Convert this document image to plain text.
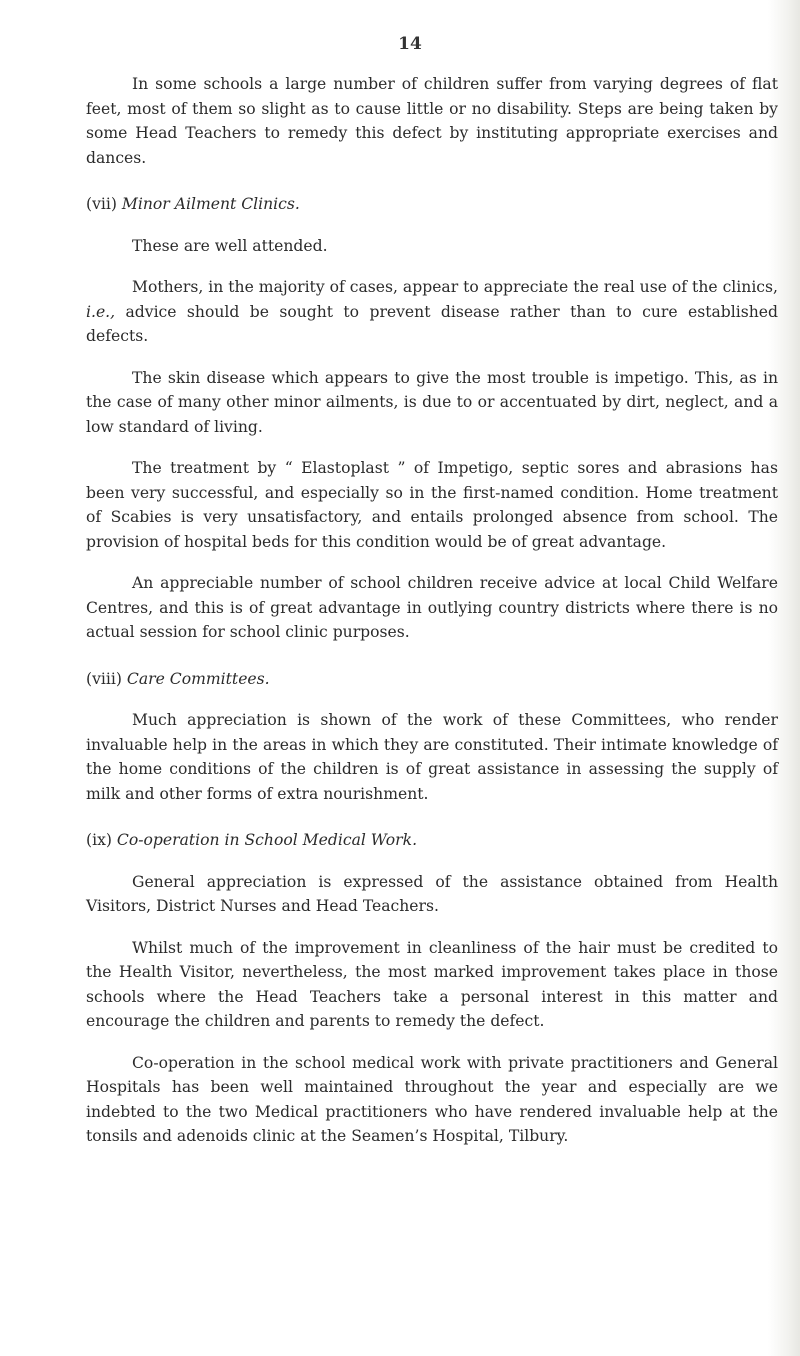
14

In some schools a large number of children suffer from varying degrees of flat feet, most of them so slight as to cause little or no disability. Steps are being taken by some Head Teachers to remedy this defect by instituting appropriate exercises and dances.

(vii) Minor Ailment Clinics.

These are well attended.

Mothers, in the majority of cases, appear to appreciate the real use of the clinics, i.e., advice should be sought to prevent disease rather than to cure established defects.

The skin disease which appears to give the most trouble is impetigo. This, as in the case of many other minor ailments, is due to or accentuated by dirt, neglect, and a low standard of living.

The treatment by “ Elastoplast ” of Impetigo, septic sores and abrasions has been very successful, and especially so in the first-named condition. Home treatment of Scabies is very unsatisfactory, and entails prolonged absence from school. The provision of hospital beds for this condition would be of great advantage.

An appreciable number of school children receive advice at local Child Welfare Centres, and this is of great advantage in outlying country districts where there is no actual session for school clinic purposes.

(viii) Care Committees.

Much appreciation is shown of the work of these Committees, who render invaluable help in the areas in which they are constituted. Their intimate knowledge of the home conditions of the children is of great assistance in assessing the supply of milk and other forms of extra nourishment.

(ix) Co-operation in School Medical Work.

General appreciation is expressed of the assistance obtained from Health Visitors, District Nurses and Head Teachers.

Whilst much of the improvement in cleanliness of the hair must be credited to the Health Visitor, nevertheless, the most marked improvement takes place in those schools where the Head Teachers take a personal interest in this matter and encourage the children and parents to remedy the defect.

Co-operation in the school medical work with private practitioners and General Hospitals has been well maintained throughout the year and especially are we indebted to the two Medical practitioners who have rendered invaluable help at the tonsils and adenoids clinic at the Seamen’s Hospital, Tilbury.
